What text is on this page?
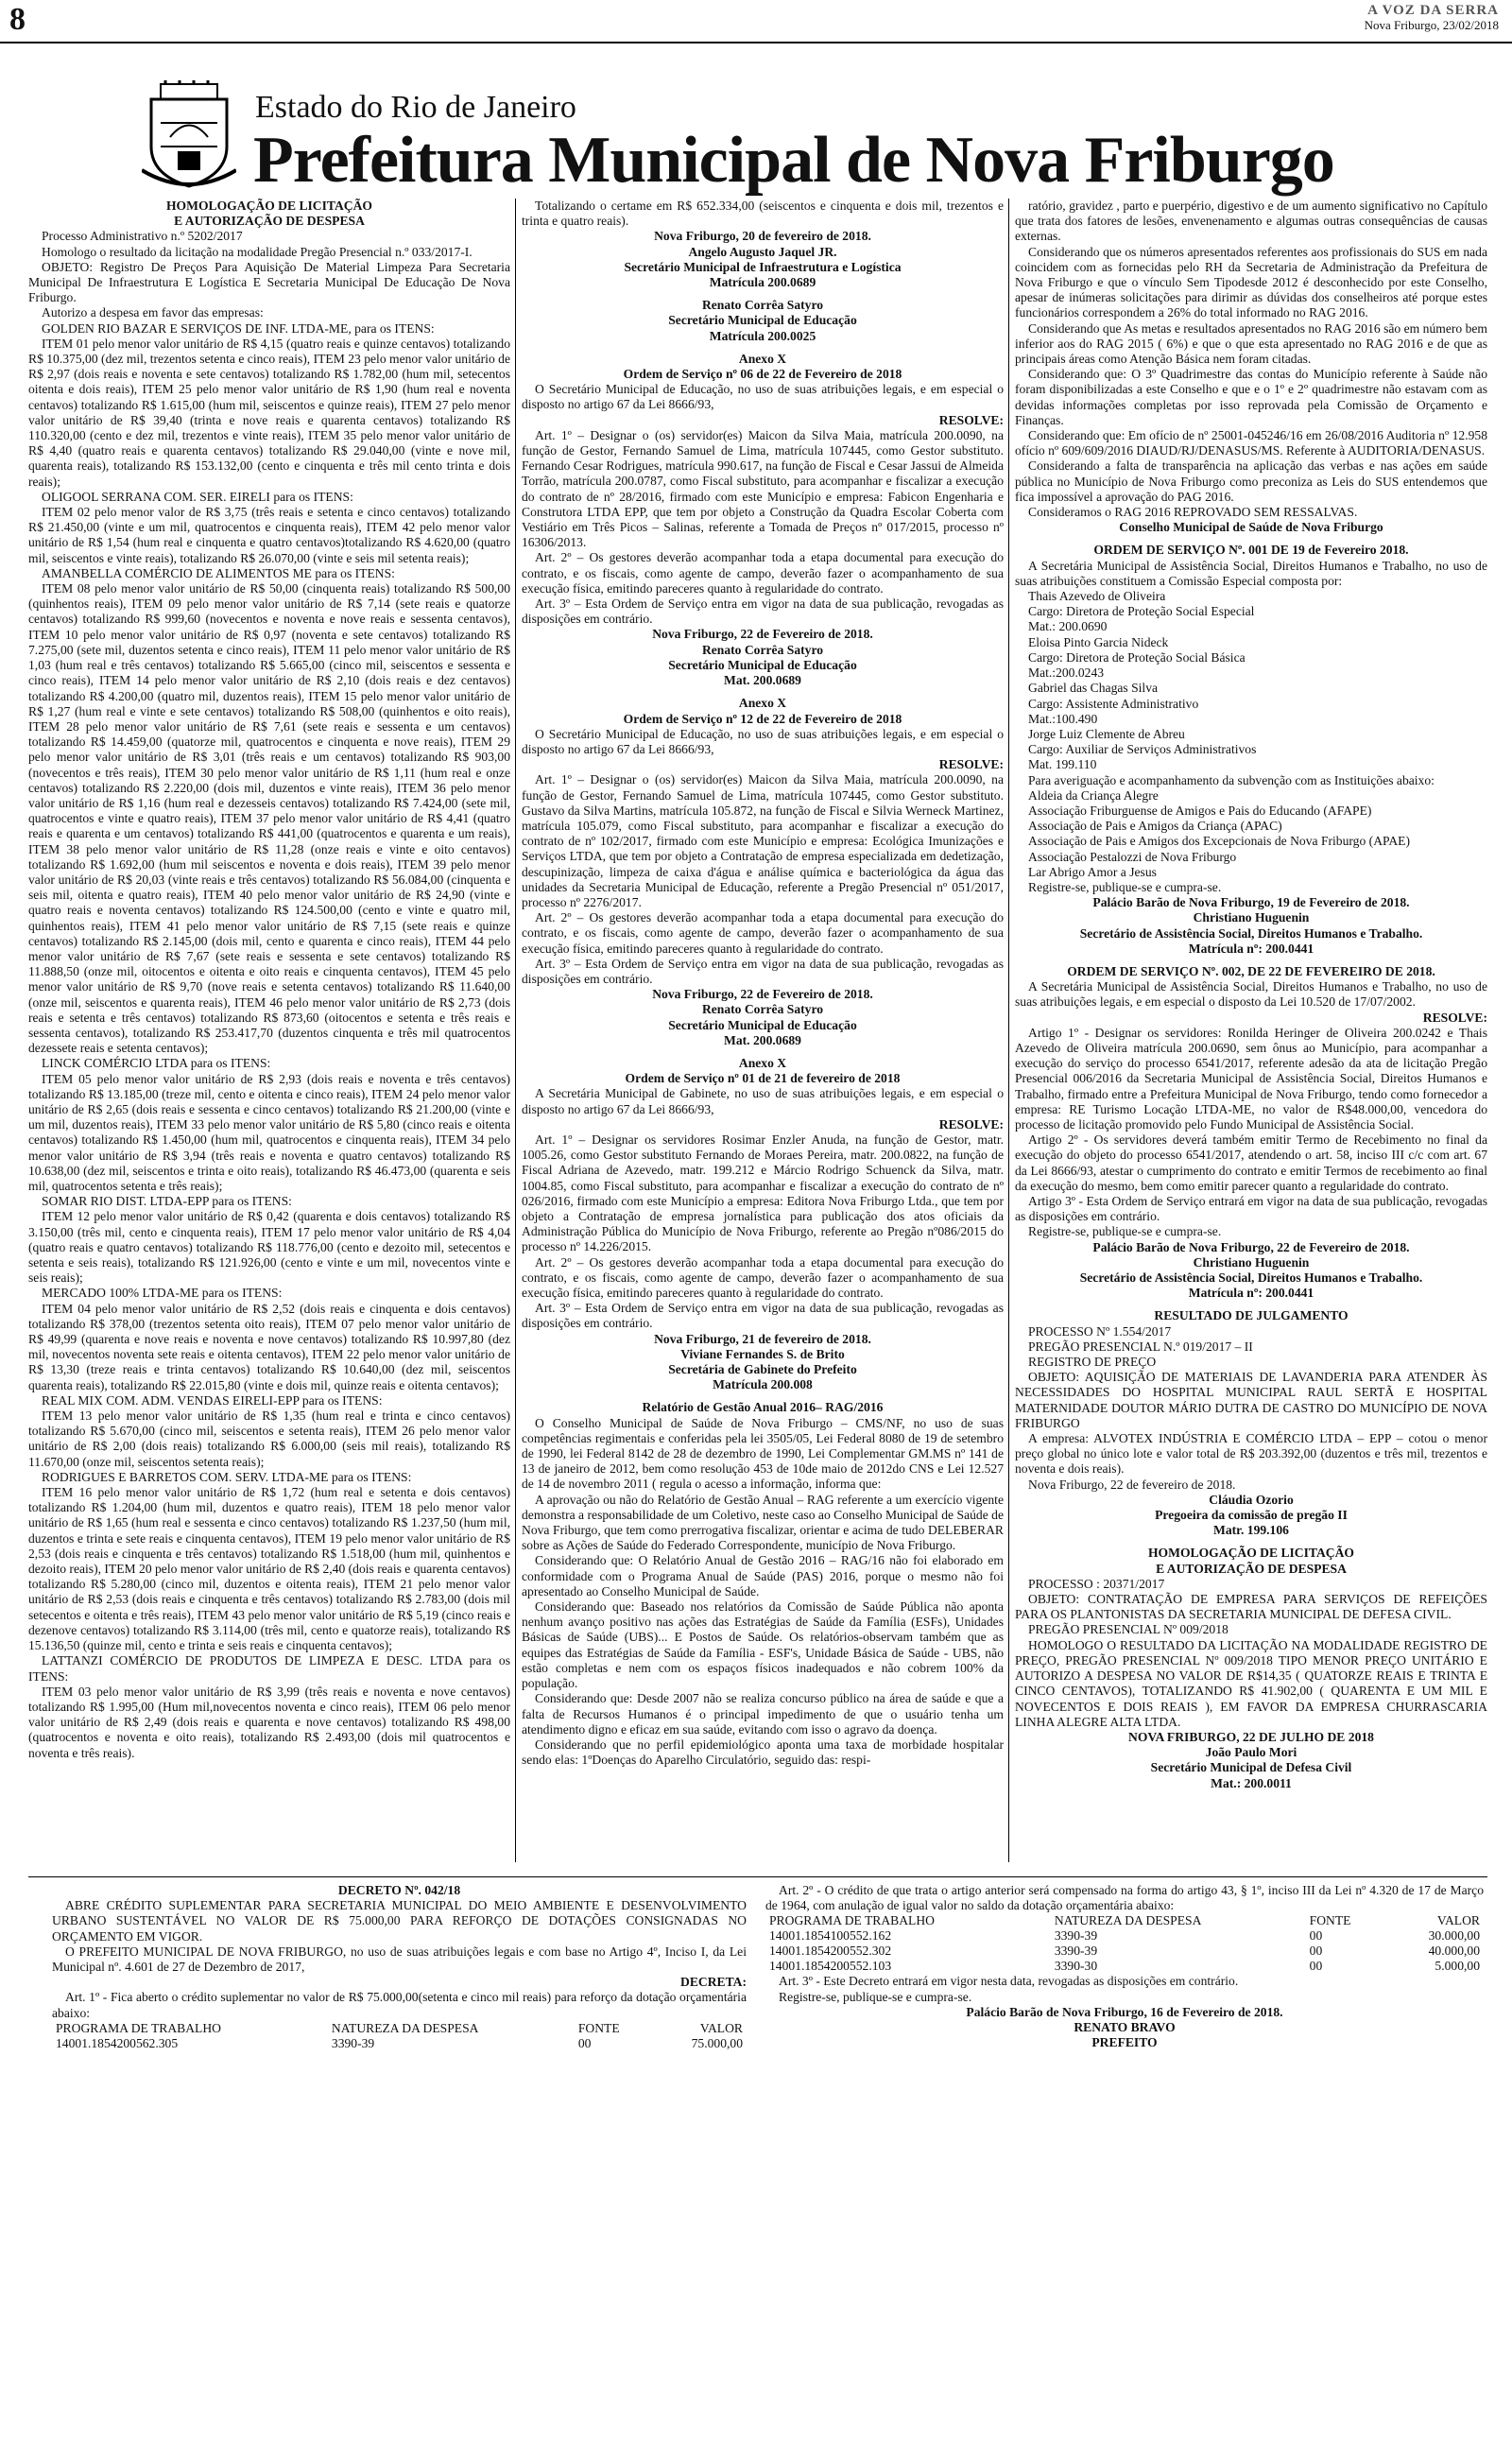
8	A VOZ DA SERRA
Nova Friburgo, 23/02/2018
Estado do Rio de Janeiro
Prefeitura Municipal de Nova Friburgo

HOMOLOGAÇÃO DE LICITAÇÃO

E AUTORIZAÇÃO DE DESPESA

Processo Administrativo n.º 5202/2017

Homologo o resultado da licitação na modalidade Pregão Presencial n.º 033/2017-I.

OBJETO: Registro De Preços Para Aquisição De Material Limpeza Para Secretaria Municipal De Infraestrutura E Logística E Secretaria Municipal De Educação De Nova Friburgo.

Autorizo a despesa em favor das empresas:

GOLDEN RIO BAZAR E SERVIÇOS DE INF. LTDA-ME, para os ITENS:

ITEM 01 pelo menor valor unitário de R$ 4,15 (quatro reais e quinze centavos) totalizando R$ 10.375,00 (dez mil, trezentos setenta e cinco reais), ITEM 23 pelo menor valor unitário de R$ 2,97 (dois reais e noventa e sete centavos) totalizando R$ 1.782,00 (hum mil, setecentos oitenta e dois reais), ITEM 25 pelo menor valor unitário de R$ 1,90 (hum real e noventa centavos) totalizando R$ 1.615,00 (hum mil, seiscentos e quinze reais), ITEM 27 pelo menor valor unitário de R$ 39,40 (trinta e nove reais e quarenta centavos) totalizando R$ 110.320,00 (cento e dez mil, trezentos e vinte reais), ITEM 35 pelo menor valor unitário de R$ 4,40 (quatro reais e quarenta centavos) totalizando R$ 29.040,00 (vinte e nove mil, quarenta reais), totalizando R$ 153.132,00 (cento e cinquenta e três mil cento trinta e dois reais);

OLIGOOL SERRANA COM. SER. EIRELI para os ITENS:

ITEM 02 pelo menor valor de R$ 3,75 (três reais e setenta e cinco centavos) totalizando R$ 21.450,00 (vinte e um mil, quatrocentos e cinquenta reais), ITEM 42 pelo menor valor unitário de R$ 1,54 (hum real e cinquenta e quatro centavos)totalizando R$ 4.620,00 (quatro mil, seiscentos e vinte reais), totalizando R$ 26.070,00 (vinte e seis mil setenta reais);

AMANBELLA COMÉRCIO DE ALIMENTOS ME para os ITENS:

ITEM 08 pelo menor valor unitário de R$ 50,00 (cinquenta reais) totalizando R$ 500,00 (quinhentos reais), ITEM 09 pelo menor valor unitário de R$ 7,14 (sete reais e quatorze centavos) totalizando R$ 999,60 (novecentos e noventa e nove reais e sessenta centavos), ITEM 10 pelo menor valor unitário de R$ 0,97 (noventa e sete centavos) totalizando R$ 7.275,00 (sete mil, duzentos setenta e cinco reais), ITEM 11 pelo menor valor unitário de R$ 1,03 (hum real e três centavos) totalizando R$ 5.665,00 (cinco mil, seiscentos e sessenta e cinco reais), ITEM 14 pelo menor valor unitário de R$ 2,10 (dois reais e dez centavos) totalizando R$ 4.200,00 (quatro mil, duzentos reais), ITEM 15 pelo menor valor unitário de R$ 1,27 (hum real e vinte e sete centavos) totalizando R$ 508,00 (quinhentos e oito reais), ITEM 28 pelo menor valor unitário de R$ 7,61 (sete reais e sessenta e um centavos) totalizando R$ 14.459,00 (quatorze mil, quatrocentos e cinquenta e nove reais), ITEM 29 pelo menor valor unitário de R$ 3,01 (três reais e um centavos) totalizando R$ 903,00 (novecentos e três reais), ITEM 30 pelo menor valor unitário de R$ 1,11 (hum real e onze centavos) totalizando R$ 2.220,00 (dois mil, duzentos e vinte reais), ITEM 36 pelo menor valor unitário de R$ 1,16 (hum real e dezesseis centavos) totalizando R$ 7.424,00 (sete mil, quatrocentos e vinte e quatro reais), ITEM 37 pelo menor valor unitário de R$ 4,41 (quatro reais e quarenta e um centavos) totalizando R$ 441,00 (quatrocentos e quarenta e um reais), ITEM 38 pelo menor valor unitário de R$ 11,28 (onze reais e vinte e oito centavos) totalizando R$ 1.692,00 (hum mil seiscentos e noventa e dois reais), ITEM 39 pelo menor valor unitário de R$ 20,03 (vinte reais e três centavos) totalizando R$ 56.084,00 (cinquenta e seis mil, oitenta e quatro reais), ITEM 40 pelo menor valor unitário de R$ 24,90 (vinte e quatro reais e noventa centavos) totalizando R$ 124.500,00 (cento e vinte e quatro mil, quinhentos reais), ITEM 41 pelo menor valor unitário de R$ 7,15 (sete reais e quinze centavos) totalizando R$ 2.145,00 (dois mil, cento e quarenta e cinco reais), ITEM 44 pelo menor valor unitário de R$ 7,67 (sete reais e sessenta e sete centavos) totalizando R$ 11.888,50 (onze mil, oitocentos e oitenta e oito reais e cinquenta centavos), ITEM 45 pelo menor valor unitário de R$ 9,70 (nove reais e setenta centavos) totalizando R$ 11.640,00 (onze mil, seiscentos e quarenta reais), ITEM 46 pelo menor valor unitário de R$ 2,73 (dois reais e setenta e três centavos) totalizando R$ 873,60 (oitocentos e setenta e três reais e sessenta centavos), totalizando R$ 253.417,70 (duzentos cinquenta e três mil quatrocentos dezessete reais e setenta centavos);

LINCK COMÉRCIO LTDA para os ITENS:

ITEM 05 pelo menor valor unitário de R$ 2,93 (dois reais e noventa e três centavos) totalizando R$ 13.185,00 (treze mil, cento e oitenta e cinco reais), ITEM 24 pelo menor valor unitário de R$ 2,65 (dois reais e sessenta e cinco centavos) totalizando R$ 21.200,00 (vinte e um mil, duzentos reais), ITEM 33 pelo menor valor unitário de R$ 5,80 (cinco reais e oitenta centavos) totalizando R$ 1.450,00 (hum mil, quatrocentos e cinquenta reais), ITEM 34 pelo menor valor unitário de R$ 3,94 (três reais e noventa e quatro centavos) totalizando R$ 10.638,00 (dez mil, seiscentos e trinta e oito reais), totalizando R$ 46.473,00 (quarenta e seis mil, quatrocentos setenta e três reais);

SOMAR RIO DIST. LTDA-EPP para os ITENS:

ITEM 12 pelo menor valor unitário de R$ 0,42 (quarenta e dois centavos) totalizando R$ 3.150,00 (três mil, cento e cinquenta reais), ITEM 17 pelo menor valor unitário de R$ 4,04 (quatro reais e quatro centavos) totalizando R$ 118.776,00 (cento e dezoito mil, setecentos e setenta e seis reais), totalizando R$ 121.926,00 (cento e vinte e um mil, novecentos vinte e seis reais);

MERCADO 100% LTDA-ME para os ITENS:

ITEM 04 pelo menor valor unitário de R$ 2,52 (dois reais e cinquenta e dois centavos) totalizando R$ 378,00 (trezentos setenta oito reais), ITEM 07 pelo menor valor unitário de R$ 49,99 (quarenta e nove reais e noventa e nove centavos) totalizando R$ 10.997,80 (dez mil, novecentos noventa sete reais e oitenta centavos), ITEM 22 pelo menor valor unitário de R$ 13,30 (treze reais e trinta centavos) totalizando R$ 10.640,00 (dez mil, seiscentos quarenta reais), totalizando R$ 22.015,80 (vinte e dois mil, quinze reais e oitenta centavos);

REAL MIX COM. ADM. VENDAS EIRELI-EPP para os ITENS:

ITEM 13 pelo menor valor unitário de R$ 1,35 (hum real e trinta e cinco centavos) totalizando R$ 5.670,00 (cinco mil, seiscentos e setenta reais), ITEM 26 pelo menor valor unitário de R$ 2,00 (dois reais) totalizando R$ 6.000,00 (seis mil reais), totalizando R$ 11.670,00 (onze mil, seiscentos setenta reais);

RODRIGUES E BARRETOS COM. SERV. LTDA-ME para os ITENS:

ITEM 16 pelo menor valor unitário de R$ 1,72 (hum real e setenta e dois centavos) totalizando R$ 1.204,00 (hum mil, duzentos e quatro reais), ITEM 18 pelo menor valor unitário de R$ 1,65 (hum real e sessenta e cinco centavos) totalizando R$ 1.237,50 (hum mil, duzentos e trinta e sete reais e cinquenta centavos), ITEM 19 pelo menor valor unitário de R$ 2,53 (dois reais e cinquenta e três centavos) totalizando R$ 1.518,00 (hum mil, quinhentos e dezoito reais), ITEM 20 pelo menor valor unitário de R$ 2,40 (dois reais e quarenta centavos) totalizando R$ 5.280,00 (cinco mil, duzentos e oitenta reais), ITEM 21 pelo menor valor unitário de R$ 2,53 (dois reais e cinquenta e três centavos) totalizando R$ 2.783,00 (dois mil setecentos e oitenta e três reais), ITEM 43 pelo menor valor unitário de R$ 5,19 (cinco reais e dezenove centavos) totalizando R$ 3.114,00 (três mil, cento e quatorze reais), totalizando R$ 15.136,50 (quinze mil, cento e trinta e seis reais e cinquenta centavos);

LATTANZI COMÉRCIO DE PRODUTOS DE LIMPEZA E DESC. LTDA para os ITENS:

ITEM 03 pelo menor valor unitário de R$ 3,99 (três reais e noventa e nove centavos) totalizando R$ 1.995,00 (Hum mil,novecentos noventa e cinco reais), ITEM 06 pelo menor valor unitário de R$ 2,49 (dois reais e quarenta e nove centavos) totalizando R$ 498,00 (quatrocentos e noventa e oito reais), totalizando R$ 2.493,00 (dois mil quatrocentos e noventa e três reais).

Totalizando o certame em R$ 652.334,00 (seiscentos e cinquenta e dois mil, trezentos e trinta e quatro reais).

Nova Friburgo, 20 de fevereiro de 2018.

Angelo Augusto Jaquel JR.

Secretário Municipal de Infraestrutura e Logística

Matrícula 200.0689

Renato Corrêa Satyro

Secretário Municipal de Educação

Matrícula 200.0025

Anexo X

Ordem de Serviço nº 06 de 22 de Fevereiro de 2018

O Secretário Municipal de Educação, no uso de suas atribuições legais, e em especial o disposto no artigo 67 da Lei 8666/93,

RESOLVE:

Art. 1º – Designar o (os) servidor(es) Maicon da Silva Maia, matrícula 200.0090, na função de Gestor, Fernando Samuel de Lima, matrícula 107445, como Gestor substituto. Fernando Cesar Rodrigues, matrícula 990.617, na função de Fiscal e Cesar Jassui de Almeida Torrão, matrícula 200.0787, como Fiscal substituto, para acompanhar e fiscalizar a execução do contrato de nº 28/2016, firmado com este Município e empresa: Fabicon Engenharia e Construtora LTDA EPP, que tem por objeto a Construção da Quadra Escolar Coberta com Vestiário em Três Picos – Salinas, referente a Tomada de Preços nº 017/2015, processo nº 16306/2013.

Art. 2º – Os gestores deverão acompanhar toda a etapa documental para execução do contrato, e os fiscais, como agente de campo, deverão fazer o acompanhamento de sua execução física, emitindo pareceres quanto à regularidade do contrato.

Art. 3º – Esta Ordem de Serviço entra em vigor na data de sua publicação, revogadas as disposições em contrário.

Nova Friburgo, 22 de Fevereiro de 2018.

Renato Corrêa Satyro

Secretário Municipal de Educação

Mat. 200.0689

Anexo X

Ordem de Serviço nº 12 de 22 de Fevereiro de 2018

O Secretário Municipal de Educação, no uso de suas atribuições legais, e em especial o disposto no artigo 67 da Lei 8666/93,

RESOLVE:

Art. 1º – Designar o (os) servidor(es) Maicon da Silva Maia, matrícula 200.0090, na função de Gestor, Fernando Samuel de Lima, matrícula 107445, como Gestor substituto. Gustavo da Silva Martins, matrícula 105.872, na função de Fiscal e Silvia Werneck Martinez, matrícula 105.079, como Fiscal substituto, para acompanhar e fiscalizar a execução do contrato de nº 102/2017, firmado com este Município e empresa: Ecológica Imunizações e Serviços LTDA, que tem por objeto a Contratação de empresa especializada em dedetização, descupinização, limpeza de caixa d'água e análise química e bacteriológica da água das unidades da Secretaria Municipal de Educação, referente a Pregão Presencial nº 051/2017, processo nº 2276/2017.

Art. 2º – Os gestores deverão acompanhar toda a etapa documental para execução do contrato, e os fiscais, como agente de campo, deverão fazer o acompanhamento de sua execução física, emitindo pareceres quanto à regularidade do contrato.

Art. 3º – Esta Ordem de Serviço entra em vigor na data de sua publicação, revogadas as disposições em contrário.

Nova Friburgo, 22 de Fevereiro de 2018.

Renato Corrêa Satyro

Secretário Municipal de Educação

Mat. 200.0689

Anexo X

Ordem de Serviço nº 01 de 21 de fevereiro de 2018

A Secretária Municipal de Gabinete, no uso de suas atribuições legais, e em especial o disposto no artigo 67 da Lei 8666/93,

RESOLVE:

Art. 1º – Designar os servidores Rosimar Enzler Anuda, na função de Gestor, matr. 1005.26, como Gestor substituto Fernando de Moraes Pereira, matr. 200.0822, na função de Fiscal Adriana de Azevedo, matr. 199.212 e Márcio Rodrigo Schuenck da Silva, matr. 1004.85, como Fiscal substituto, para acompanhar e fiscalizar a execução do contrato de nº 026/2016, firmado com este Município a empresa: Editora Nova Friburgo Ltda., que tem por objeto a Contratação de empresa jornalística para publicação dos atos oficiais da Administração Pública do Município de Nova Friburgo, referente ao Pregão nº086/2015 do processo nº 14.226/2015.

Art. 2º – Os gestores deverão acompanhar toda a etapa documental para execução do contrato, e os fiscais, como agente de campo, deverão fazer o acompanhamento de sua execução física, emitindo pareceres quanto à regularidade do contrato.

Art. 3º – Esta Ordem de Serviço entra em vigor na data de sua publicação, revogadas as disposições em contrário.

Nova Friburgo, 21 de fevereiro de 2018.

Viviane Fernandes S. de Brito

Secretária de Gabinete do Prefeito

Matrícula 200.008

Relatório de Gestão Anual 2016– RAG/2016

O Conselho Municipal de Saúde de Nova Friburgo – CMS/NF, no uso de suas competências regimentais e conferidas pela lei 3505/05, Lei Federal 8080 de 19 de setembro de 1990, lei Federal 8142 de 28 de dezembro de 1990, Lei Complementar GM.MS nº 141 de 13 de janeiro de 2012, bem como resolução 453 de 10de maio de 2012do CNS e Lei 12.527 de 14 de novembro 2011 ( regula o acesso a informação, informa que:

A aprovação ou não do Relatório de Gestão Anual – RAG referente a um exercício vigente demonstra a responsabilidade de um Coletivo, neste caso ao Conselho Municipal de Saúde de Nova Friburgo, que tem como prerrogativa fiscalizar, orientar e acima de tudo DELEBERAR sobre as Ações de Saúde do Federado Correspondente, município de Nova Friburgo.

Considerando que: O Relatório Anual de Gestão 2016 – RAG/16 não foi elaborado em conformidade com o Programa Anual de Saúde (PAS) 2016, porque o mesmo não foi apresentado ao Conselho Municipal de Saúde.

Considerando que: Baseado nos relatórios da Comissão de Saúde Pública não aponta nenhum avanço positivo nas ações das Estratégias de Saúde da Família (ESFs), Unidades Básicas de Saúde (UBS)... E Postos de Saúde. Os relatórios-observam também que as equipes das Estratégias de Saúde da Família - ESF's, Unidade Básica de Saúde - UBS, não estão completas e nem com os espaços físicos inadequados e não cobrem 100% da população.

Considerando que: Desde 2007 não se realiza concurso público na área de saúde e que a falta de Recursos Humanos é o principal impedimento de que o usuário tenha um atendimento digno e eficaz em sua saúde, evitando com isso o agravo da doença.

Considerando que no perfil epidemiológico aponta uma taxa de morbidade hospitalar sendo elas: 1ºDoenças do Aparelho Circulatório, seguido das: respi-

ratório, gravidez , parto e puerpério, digestivo e de um aumento significativo no Capítulo que trata dos fatores de lesões, envenenamento e algumas outras consequências de causas externas.

Considerando que os números apresentados referentes aos profissionais do SUS em nada coincidem com as fornecidas pelo RH da Secretaria de Administração da Prefeitura de Nova Friburgo e que o vínculo Sem Tipodesde 2012 é desconhecido por este Conselho, apesar de inúmeras solicitações para dirimir as dúvidas dos conselheiros até porque estes funcionários correspondem a 26% do total informado no RAG 2016.

Considerando que As metas e resultados apresentados no RAG 2016 são em número bem inferior aos do RAG 2015 ( 6%) e que o que esta apresentado no RAG 2016 e de que as principais áreas como Atenção Básica nem foram citadas.

Considerando que: O 3º Quadrimestre das contas do Município referente à Saúde não foram disponibilizadas a este Conselho e que e o 1º e 2º quadrimestre não estavam com as devidas informações completas por isso reprovada pela Comissão de Orçamento e Finanças.

Considerando que: Em ofício de nº 25001-045246/16 em 26/08/2016 Auditoria nº 12.958 ofício nº 609/609/2016 DIAUD/RJ/DENASUS/MS. Referente à AUDITORIA/DENASUS.

Considerando a falta de transparência na aplicação das verbas e nas ações em saúde pública no Município de Nova Friburgo como preconiza as Leis do SUS entendemos que fica impossível a aprovação do PAG 2016.

Consideramos o RAG 2016 REPROVADO SEM RESSALVAS.

Conselho Municipal de Saúde de Nova Friburgo

ORDEM DE SERVIÇO Nº. 001 DE 19 de Fevereiro 2018.

A Secretária Municipal de Assistência Social, Direitos Humanos e Trabalho, no uso de suas atribuições constituem a Comissão Especial composta por:

Thais Azevedo de Oliveira

Cargo: Diretora de Proteção Social Especial

Mat.: 200.0690

Eloisa Pinto Garcia Nideck

Cargo: Diretora de Proteção Social Básica

Mat.:200.0243

Gabriel das Chagas Silva

Cargo: Assistente Administrativo

Mat.:100.490

Jorge Luiz Clemente de Abreu

Cargo: Auxiliar de Serviços Administrativos

Mat. 199.110

Para averiguação e acompanhamento da subvenção com as Instituições abaixo:

Aldeia da Criança Alegre

Associação Friburguense de Amigos e Pais do Educando (AFAPE)

Associação de Pais e Amigos da Criança (APAC)

Associação de Pais e Amigos dos Excepcionais de Nova Friburgo (APAE)

Associação Pestalozzi de Nova Friburgo

Lar Abrigo Amor a Jesus

Registre-se, publique-se e cumpra-se.

Palácio Barão de Nova Friburgo, 19 de Fevereiro de 2018.

Christiano Huguenin

Secretário de Assistência Social, Direitos Humanos e Trabalho.

Matrícula nº: 200.0441

ORDEM DE SERVIÇO Nº. 002, DE 22 DE FEVEREIRO DE 2018.

A Secretária Municipal de Assistência Social, Direitos Humanos e Trabalho, no uso de suas atribuições legais, e em especial o disposto da Lei 10.520 de 17/07/2002.

RESOLVE:

Artigo 1º - Designar os servidores: Ronilda Heringer de Oliveira 200.0242 e Thais Azevedo de Oliveira matrícula 200.0690, sem ônus ao Município, para acompanhar a execução do serviço do processo 6541/2017, referente adesão da ata de licitação Pregão Presencial 006/2016 da Secretaria Municipal de Assistência Social, Direitos Humanos e Trabalho, firmado entre a Prefeitura Municipal de Nova Friburgo, tendo como fornecedor a empresa: RE Turismo Locação LTDA-ME, no valor de R$48.000,00, vencedora do processo de licitação promovido pelo Fundo Municipal de Assistência Social.

Artigo 2º - Os servidores deverá também emitir Termo de Recebimento no final da execução do objeto do processo 6541/2017, atendendo o art. 58, inciso III c/c com art. 67 da Lei 8666/93, atestar o cumprimento do contrato e emitir Termos de recebimento ao final da execução do mesmo, bem como emitir parecer quanto a regularidade do contrato.

Artigo 3º - Esta Ordem de Serviço entrará em vigor na data de sua publicação, revogadas as disposições em contrário.

Registre-se, publique-se e cumpra-se.

Palácio Barão de Nova Friburgo, 22 de Fevereiro de 2018.

Christiano Huguenin

Secretário de Assistência Social, Direitos Humanos e Trabalho.

Matrícula nº: 200.0441

RESULTADO DE JULGAMENTO

PROCESSO Nº 1.554/2017

PREGÃO PRESENCIAL N.º 019/2017 – II

REGISTRO DE PREÇO

OBJETO: AQUISIÇÃO DE MATERIAIS DE LAVANDERIA PARA ATENDER ÀS NECESSIDADES DO HOSPITAL MUNICIPAL RAUL SERTÃ E HOSPITAL MATERNIDADE DOUTOR MÁRIO DUTRA DE CASTRO DO MUNICÍPIO DE NOVA FRIBURGO

A empresa: ALVOTEX INDÚSTRIA E COMÉRCIO LTDA – EPP – cotou o menor preço global no único lote e valor total de R$ 203.392,00 (duzentos e três mil, trezentos e noventa e dois reais).

Nova Friburgo, 22 de fevereiro de 2018.

Cláudia Ozorio

Pregoeira da comissão de pregão II

Matr. 199.106

HOMOLOGAÇÃO DE LICITAÇÃO

E AUTORIZAÇÃO DE DESPESA

PROCESSO : 20371/2017

OBJETO: CONTRATAÇÃO DE EMPRESA PARA SERVIÇOS DE REFEIÇÕES PARA OS PLANTONISTAS DA SECRETARIA MUNICIPAL DE DEFESA CIVIL.

PREGÃO PRESENCIAL Nº 009/2018

HOMOLOGO O RESULTADO DA LICITAÇÃO NA MODALIDADE REGISTRO DE PREÇO, PREGÃO PRESENCIAL Nº 009/2018 TIPO MENOR PREÇO UNITÁRIO E AUTORIZO A DESPESA NO VALOR DE R$14,35 ( QUATORZE REAIS E TRINTA E CINCO CENTAVOS), TOTALIZANDO R$ 41.902,00 ( QUARENTA E UM MIL E NOVECENTOS E DOIS REAIS ), EM FAVOR DA EMPRESA CHURRASCARIA LINHA ALEGRE ALTA LTDA.

NOVA FRIBURGO, 22 DE JULHO DE 2018

João Paulo Mori

Secretário Municipal de Defesa Civil

Mat.: 200.0011

DECRETO Nº. 042/18

ABRE CRÉDITO SUPLEMENTAR PARA SECRETARIA MUNICIPAL DO MEIO AMBIENTE E DESENVOLVIMENTO URBANO SUSTENTÁVEL NO VALOR DE R$ 75.000,00 PARA REFORÇO DE DOTAÇÕES CONSIGNADAS NO ORÇAMENTO EM VIGOR.

O PREFEITO MUNICIPAL DE NOVA FRIBURGO, no uso de suas atribuições legais e com base no Artigo 4º, Inciso I, da Lei Municipal nº. 4.601 de 27 de Dezembro de 2017,

DECRETA:

Art. 1º - Fica aberto o crédito suplementar no valor de R$ 75.000,00(setenta e cinco mil reais) para reforço da dotação orçamentária abaixo:

PROGRAMA DE TRABALHO	NATUREZA DA DESPESA	FONTE	VALOR
14001.1854200562.305	3390-39	00	75.000,00

Art. 2º - O crédito de que trata o artigo anterior será compensado na forma do artigo 43, § 1º, inciso III da Lei nº 4.320 de 17 de Março de 1964, com anulação de igual valor no saldo da dotação orçamentária abaixo:

PROGRAMA DE TRABALHO	NATUREZA DA DESPESA	FONTE	VALOR
14001.1854100552.162	3390-39	00	30.000,00
14001.1854200552.302	3390-39	00	40.000,00
14001.1854200552.103	3390-30	00	5.000,00

Art. 3º - Este Decreto entrará em vigor nesta data, revogadas as disposições em contrário.

Registre-se, publique-se e cumpra-se.

Palácio Barão de Nova Friburgo, 16 de Fevereiro de 2018.

RENATO BRAVO

PREFEITO
